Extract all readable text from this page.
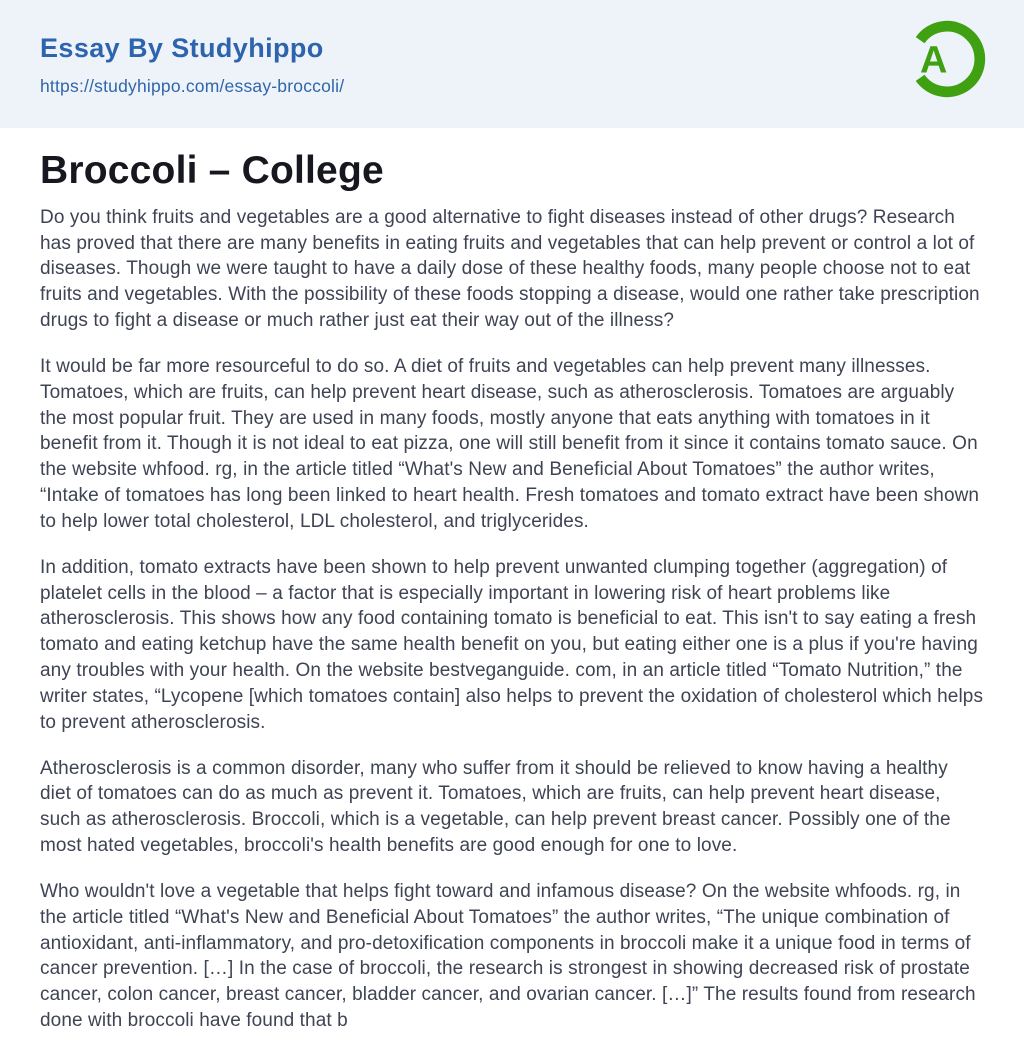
Essay By Studyhippo
https://studyhippo.com/essay-broccoli/
A
Broccoli – College

Do you think fruits and vegetables are a good alternative to fight diseases instead of other drugs? Research has proved that there are many benefits in eating fruits and vegetables that can help prevent or control a lot of diseases. Though we were taught to have a daily dose of these healthy foods, many people choose not to eat fruits and vegetables. With the possibility of these foods stopping a disease, would one rather take prescription drugs to fight a disease or much rather just eat their way out of the illness?

It would be far more resourceful to do so. A diet of fruits and vegetables can help prevent many illnesses. Tomatoes, which are fruits, can help prevent heart disease, such as atherosclerosis. Tomatoes are arguably the most popular fruit. They are used in many foods, mostly anyone that eats anything with tomatoes in it benefit from it. Though it is not ideal to eat pizza, one will still benefit from it since it contains tomato sauce. On the website whfood. rg, in the article titled “What's New and Beneficial About Tomatoes” the author writes, “Intake of tomatoes has long been linked to heart health. Fresh tomatoes and tomato extract have been shown to help lower total cholesterol, LDL cholesterol, and triglycerides.

In addition, tomato extracts have been shown to help prevent unwanted clumping together (aggregation) of platelet cells in the blood – a factor that is especially important in lowering risk of heart problems like atherosclerosis. This shows how any food containing tomato is beneficial to eat. This isn't to say eating a fresh tomato and eating ketchup have the same health benefit on you, but eating either one is a plus if you're having any troubles with your health. On the website bestveganguide. com, in an article titled “Tomato Nutrition,” the writer states, “Lycopene [which tomatoes contain] also helps to prevent the oxidation of cholesterol which helps to prevent atherosclerosis.

Atherosclerosis is a common disorder, many who suffer from it should be relieved to know having a healthy diet of tomatoes can do as much as prevent it. Tomatoes, which are fruits, can help prevent heart disease, such as atherosclerosis. Broccoli, which is a vegetable, can help prevent breast cancer. Possibly one of the most hated vegetables, broccoli's health benefits are good enough for one to love.

Who wouldn't love a vegetable that helps fight toward and infamous disease? On the website whfoods. rg, in the article titled “What's New and Beneficial About Tomatoes” the author writes, “The unique combination of antioxidant, anti-inflammatory, and pro-detoxification components in broccoli make it a unique food in terms of cancer prevention. […] In the case of broccoli, the research is strongest in showing decreased risk of prostate cancer, colon cancer, breast cancer, bladder cancer, and ovarian cancer. […]” The results found from research done with broccoli have found that b
